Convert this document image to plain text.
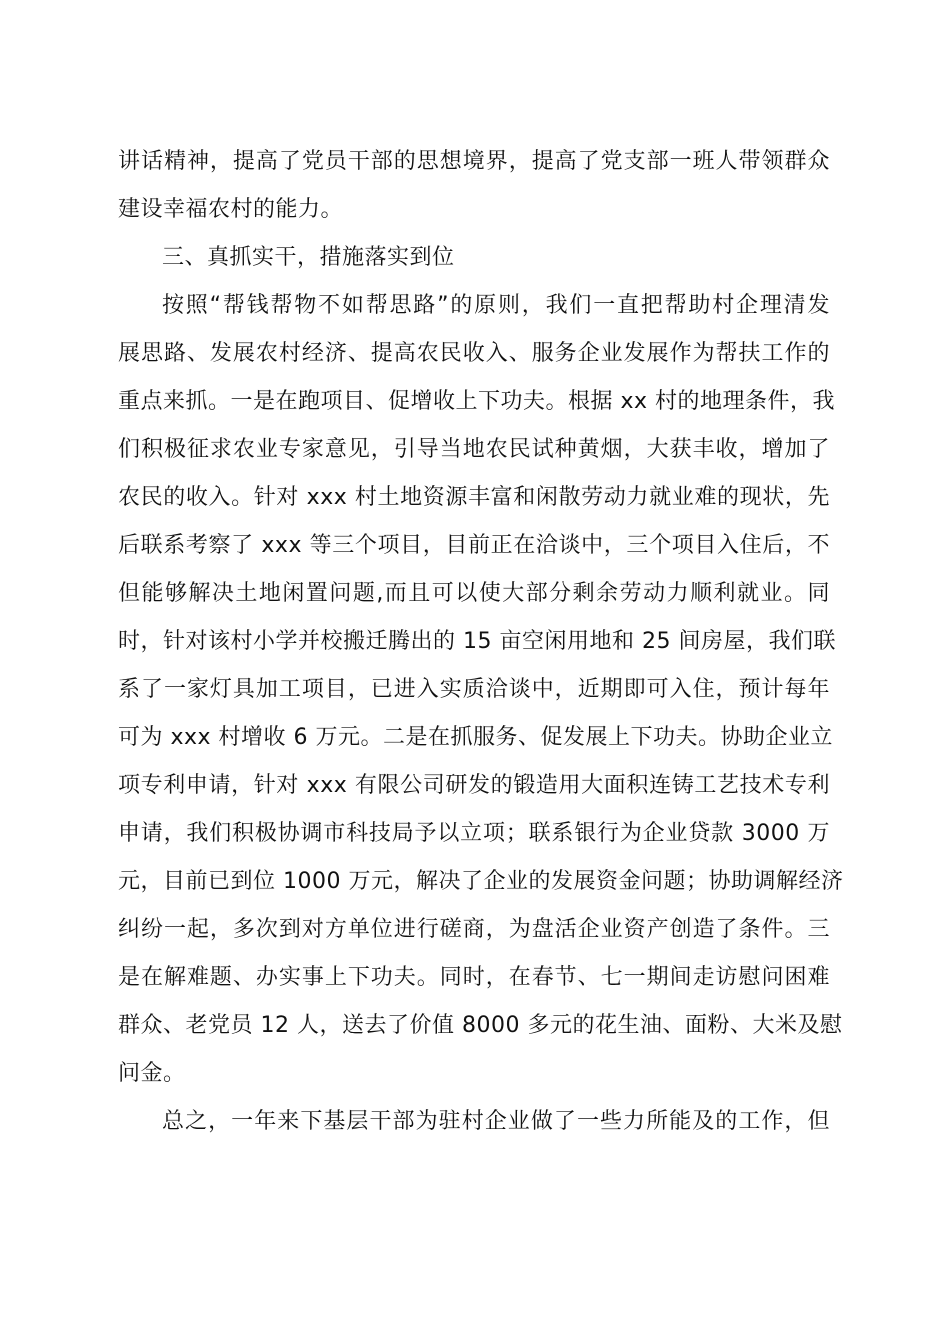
讲话精神，提高了党员干部的思想境界，提高了党支部一班人带领群众
建设幸福农村的能力。
三、真抓实干，措施落实到位
按照“帮钱帮物不如帮思路”的原则，我们一直把帮助村企理清发
展思路、发展农村经济、提高农民收入、服务企业发展作为帮扶工作的
重点来抓。一是在跑项目、促增收上下功夫。根据 xx 村的地理条件，我
们积极征求农业专家意见，引导当地农民试种黄烟，大获丰收，增加了
农民的收入。针对 xxx 村土地资源丰富和闲散劳动力就业难的现状，先
后联系考察了 xxx 等三个项目，目前正在洽谈中，三个项目入住后，不
但能够解决土地闲置问题,而且可以使大部分剩余劳动力顺利就业。同
时，针对该村小学并校搬迁腾出的 15 亩空闲用地和 25 间房屋，我们联
系了一家灯具加工项目，已进入实质洽谈中，近期即可入住，预计每年
可为 xxx 村增收 6 万元。二是在抓服务、促发展上下功夫。协助企业立
项专利申请，针对 xxx 有限公司研发的锻造用大面积连铸工艺技术专利
申请，我们积极协调市科技局予以立项；联系银行为企业贷款 3000 万
元，目前已到位 1000 万元，解决了企业的发展资金问题；协助调解经济
纠纷一起，多次到对方单位进行磋商，为盘活企业资产创造了条件。三
是在解难题、办实事上下功夫。同时，在春节、七一期间走访慰问困难
群众、老党员 12 人，送去了价值 8000 多元的花生油、面粉、大米及慰
问金。
总之，一年来下基层干部为驻村企业做了一些力所能及的工作，但
